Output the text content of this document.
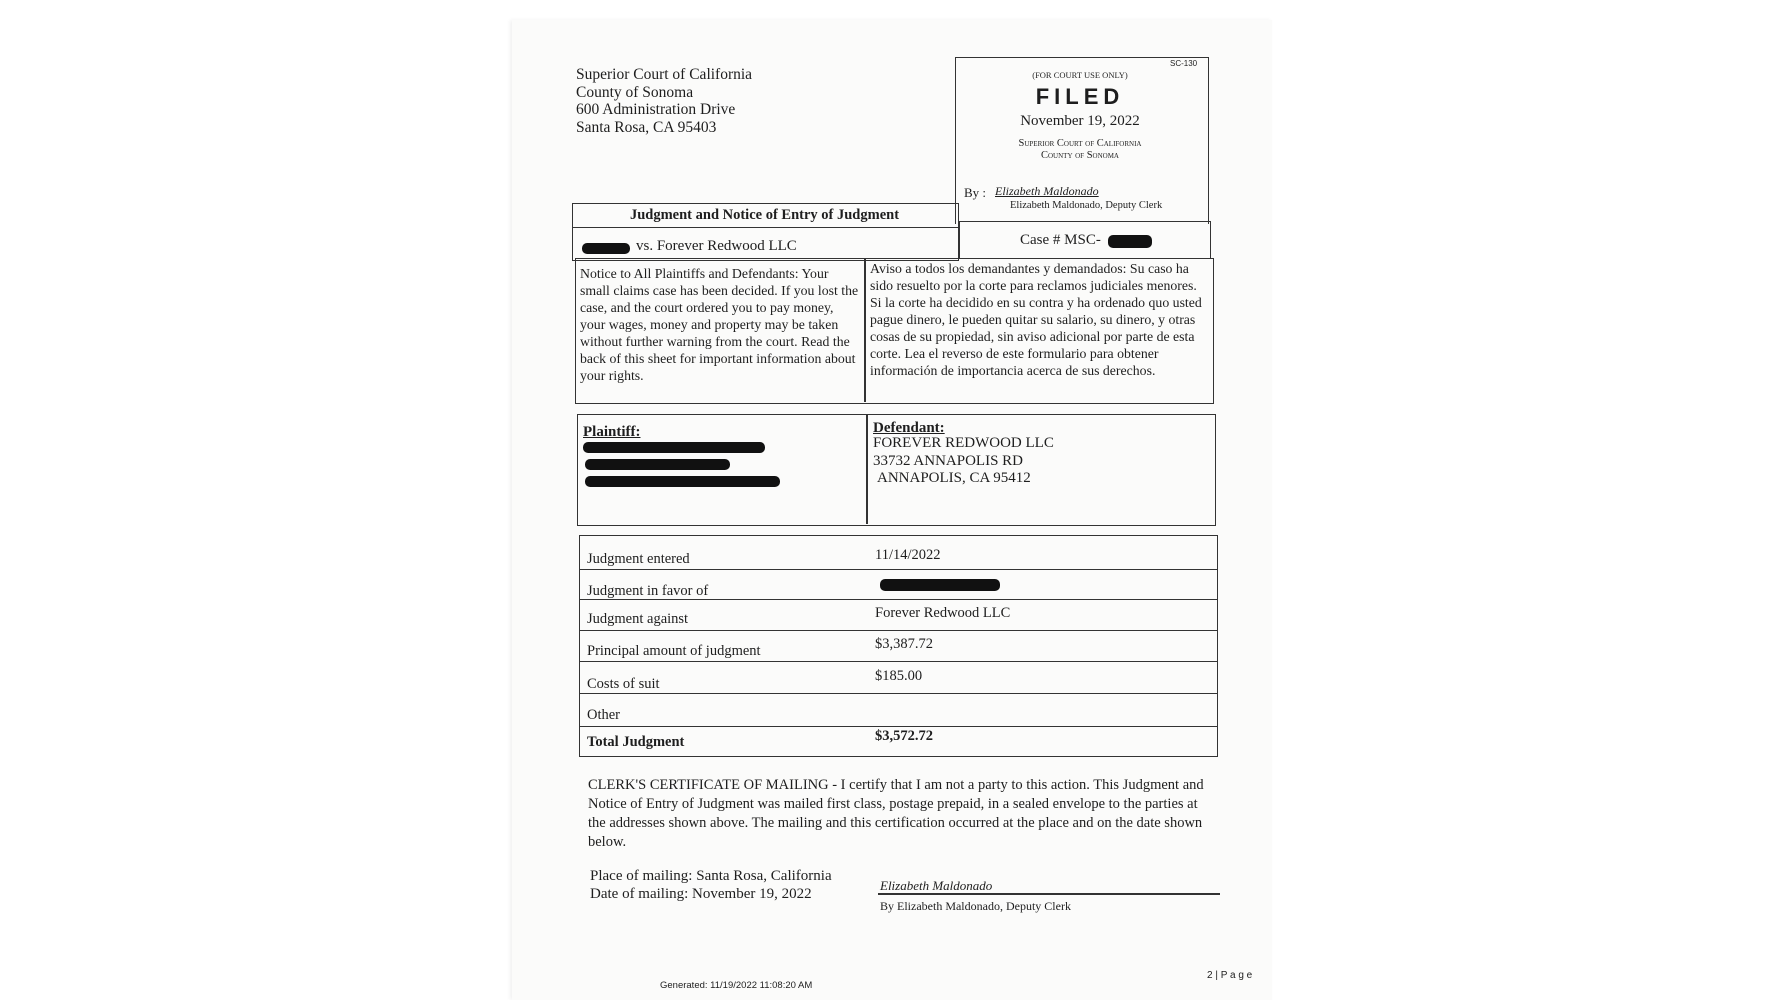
Superior Court of California
County of Sonoma
600 Administration Drive
Santa Rosa, CA 95403
SC-130
(FOR COURT USE ONLY)
FILED
November 19, 2022
Superior Court of California
County of Sonoma
By : Elizabeth Maldonado
Elizabeth Maldonado, Deputy Clerk
Judgment and Notice of Entry of Judgment
vs. Forever Redwood LLC	Case # MSC-
Notice to All Plaintiffs and Defendants: Your small claims case has been decided. If you lost the case, and the court ordered you to pay money, your wages, money and property may be taken without further warning from the court. Read the back of this sheet for important information about your rights.
Aviso a todos los demandantes y demandados: Su caso ha sido resuelto por la corte para reclamos judiciales menores. Si la corte ha decidido en su contra y ha ordenado quo usted pague dinero, le pueden quitar su salario, su dinero, y otras cosas de su propiedad, sin aviso adicional por parte de esta corte. Lea el reverso de este formulario para obtener información de importancia acerca de sus derechos.
Plaintiff:	Defendant:
FOREVER REDWOOD LLC
33732 ANNAPOLIS RD
ANNAPOLIS, CA 95412
Judgment entered	11/14/2022
Judgment in favor of
Judgment against	Forever Redwood LLC
Principal amount of judgment	$3,387.72
Costs of suit	$185.00
Other
Total Judgment	$3,572.72
CLERK'S CERTIFICATE OF MAILING - I certify that I am not a party to this action. This Judgment and Notice of Entry of Judgment was mailed first class, postage prepaid, in a sealed envelope to the parties at the addresses shown above. The mailing and this certification occurred at the place and on the date shown below.
Place of mailing: Santa Rosa, California
Date of mailing: November 19, 2022	Elizabeth Maldonado
By Elizabeth Maldonado, Deputy Clerk
2 | P a g e
Generated: 11/19/2022 11:08:20 AM
